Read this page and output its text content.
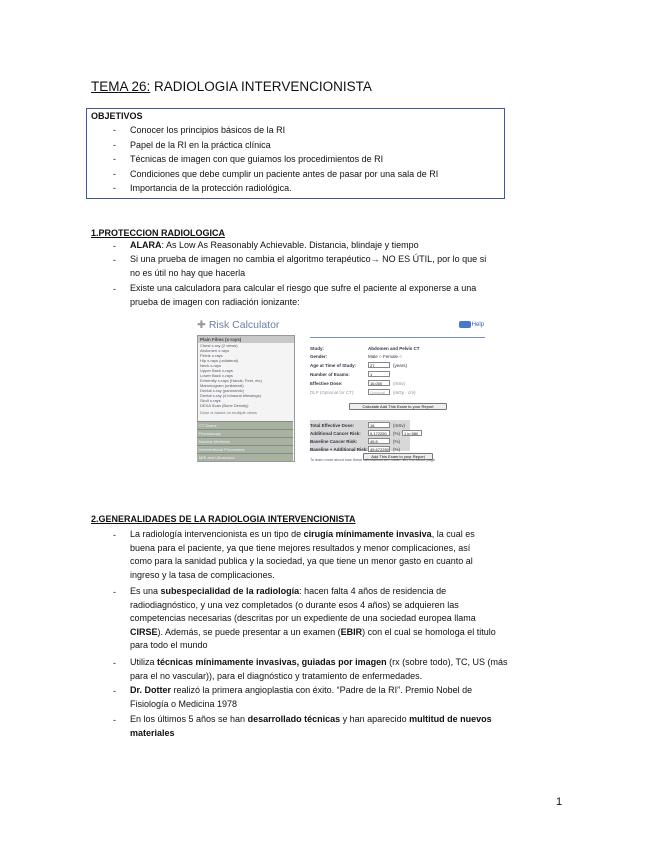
TEMA 26: RADIOLOGIA INTERVENCIONISTA
OBJETIVOS
- Conocer los principios básicos de la RI
- Papel de la RI en la práctica clínica
- Técnicas de imagen con que guiamos los procedimientos de RI
- Condiciones que debe cumplir un paciente antes de pasar por una sala de RI
- Importancia de la protección radiológica.
1.PROTECCION RADIOLOGICA
- ALARA: As Low As Reasonably Achievable. Distancia, blindaje y tiempo
- Si una prueba de imagen no cambia el algoritmo terapéutico→ NO ES ÚTIL, por lo que si
no es útil no hay que hacerla
- Existe una calculadora para calcular el riesgo que sufre el paciente al exponerse a una
prueba de imagen con radiación ionizante:
✚ Risk Calculator	Help
Plain Films (x-rays)
Chest x-ray (2 views)
Abdomen x-rays
Pelvis x-rays
Hip x-rays (unilateral)
Neck x-rays
Upper Back x-rays
Lower Back x-rays
Extremity x-rays (Hands, Feet, etc)
Mammogram (unilateral)
Dental x-ray (panoramic)
Dental x-ray (4 intraoral bitewings)
Skull x-rays
DEXA Scan (Bone Density)
Dose is based on multiple views
CT Scans
Fluoroscopy
Nuclear Medicine
Interventional Procedures
MRI and Ultrasound
Study:	Abdomen and Pelvis CT
Gender:	Male ○ Female ○
Age at Time of Study:	27	(years)
Number of Exams:	1
Effective Dose:	16.000	(mSv)
DLP (Optional for CT):	Optional	(mGy · cm)
Calculate Add This Exam to your Report
Total Effective Dose:	16	(mSv)
Additional Cancer Risk:	0.172250	(%)	1 in 580
Baseline Cancer Risk:	45.5	(%)
Baseline + Additional Risk: 45.672250 (%)
Add This Exam to your Report
To learn more about how these calculations are made, see the About page.
2.GENERALIDADES DE LA RADIOLOGIA INTERVENCIONISTA
- La radiología intervencionista es un tipo de cirugía mínimamente invasiva, la cual es
buena para el paciente, ya que tiene mejores resultados y menor complicaciones, así
como para la sanidad publica y la sociedad, ya que tiene un menor gasto en cuanto al
ingreso y la tasa de complicaciones.
- Es una subespecialidad de la radiología: hacen falta 4 años de residencia de
radiodiagnóstico, y una vez completados (o durante esos 4 años) se adquieren las
competencias necesarias (descritas por un expediente de una sociedad europea llama
CIRSE). Además, se puede presentar a un examen (EBIR) con el cual se homologa el titulo
para todo el mundo
- Utiliza técnicas mínimamente invasivas, guiadas por imagen (rx (sobre todo), TC, US (más
para el no vascular)), para el diagnóstico y tratamiento de enfermedades.
- Dr. Dotter realizó la primera angioplastia con éxito. “Padre de la RI”. Premio Nobel de
Fisiología o Medicina 1978
- En los últimos 5 años se han desarrollado técnicas y han aparecido multitud de nuevos
materiales
1
